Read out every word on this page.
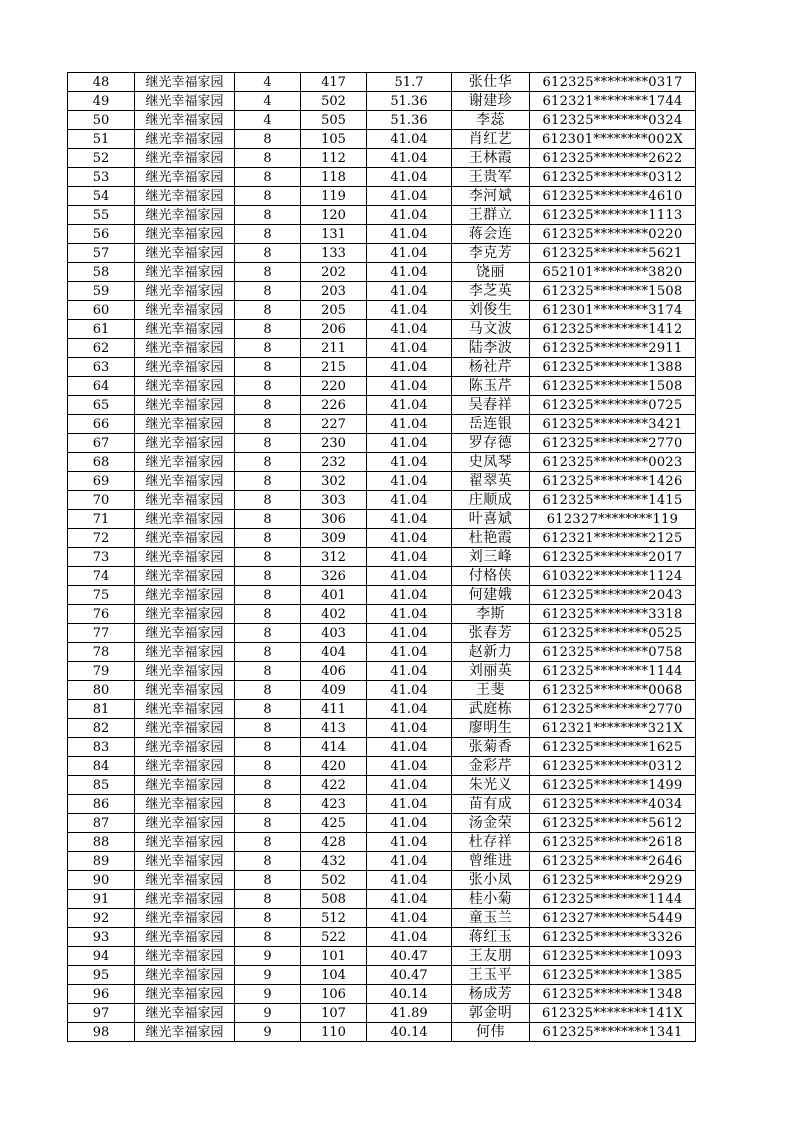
48	继光幸福家园	4	417	51.7	张仕华	612325********0317
49	继光幸福家园	4	502	51.36	谢建珍	612321********1744
50	继光幸福家园	4	505	51.36	李蕊	612325********0324
51	继光幸福家园	8	105	41.04	肖红艺	612301********002X
52	继光幸福家园	8	112	41.04	王林霞	612325********2622
53	继光幸福家园	8	118	41.04	王贵军	612325********0312
54	继光幸福家园	8	119	41.04	李河斌	612325********4610
55	继光幸福家园	8	120	41.04	王群立	612325********1113
56	继光幸福家园	8	131	41.04	蒋会连	612325********0220
57	继光幸福家园	8	133	41.04	李克芳	612325********5621
58	继光幸福家园	8	202	41.04	饶丽	652101********3820
59	继光幸福家园	8	203	41.04	李芝英	612325********1508
60	继光幸福家园	8	205	41.04	刘俊生	612301********3174
61	继光幸福家园	8	206	41.04	马文波	612325********1412
62	继光幸福家园	8	211	41.04	陆李波	612325********2911
63	继光幸福家园	8	215	41.04	杨社芹	612325********1388
64	继光幸福家园	8	220	41.04	陈玉芹	612325********1508
65	继光幸福家园	8	226	41.04	吴春祥	612325********0725
66	继光幸福家园	8	227	41.04	岳连银	612325********3421
67	继光幸福家园	8	230	41.04	罗存德	612325********2770
68	继光幸福家园	8	232	41.04	史凤琴	612325********0023
69	继光幸福家园	8	302	41.04	翟翠英	612325********1426
70	继光幸福家园	8	303	41.04	庄顺成	612325********1415
71	继光幸福家园	8	306	41.04	叶喜斌	612327********119
72	继光幸福家园	8	309	41.04	杜艳霞	612321********2125
73	继光幸福家园	8	312	41.04	刘三峰	612325********2017
74	继光幸福家园	8	326	41.04	付格侠	610322********1124
75	继光幸福家园	8	401	41.04	何建娥	612325********2043
76	继光幸福家园	8	402	41.04	李斯	612325********3318
77	继光幸福家园	8	403	41.04	张春芳	612325********0525
78	继光幸福家园	8	404	41.04	赵新力	612325********0758
79	继光幸福家园	8	406	41.04	刘丽英	612325********1144
80	继光幸福家园	8	409	41.04	王斐	612325********0068
81	继光幸福家园	8	411	41.04	武庭栋	612325********2770
82	继光幸福家园	8	413	41.04	廖明生	612321********321X
83	继光幸福家园	8	414	41.04	张菊香	612325********1625
84	继光幸福家园	8	420	41.04	金彩芹	612325********0312
85	继光幸福家园	8	422	41.04	朱光义	612325********1499
86	继光幸福家园	8	423	41.04	苗有成	612325********4034
87	继光幸福家园	8	425	41.04	汤金荣	612325********5612
88	继光幸福家园	8	428	41.04	杜存祥	612325********2618
89	继光幸福家园	8	432	41.04	曾维进	612325********2646
90	继光幸福家园	8	502	41.04	张小凤	612325********2929
91	继光幸福家园	8	508	41.04	桂小菊	612325********1144
92	继光幸福家园	8	512	41.04	童玉兰	612327********5449
93	继光幸福家园	8	522	41.04	蒋红玉	612325********3326
94	继光幸福家园	9	101	40.47	王友朋	612325********1093
95	继光幸福家园	9	104	40.47	王玉平	612325********1385
96	继光幸福家园	9	106	40.14	杨成芳	612325********1348
97	继光幸福家园	9	107	41.89	郭金明	612325********141X
98	继光幸福家园	9	110	40.14	何伟	612325********1341
